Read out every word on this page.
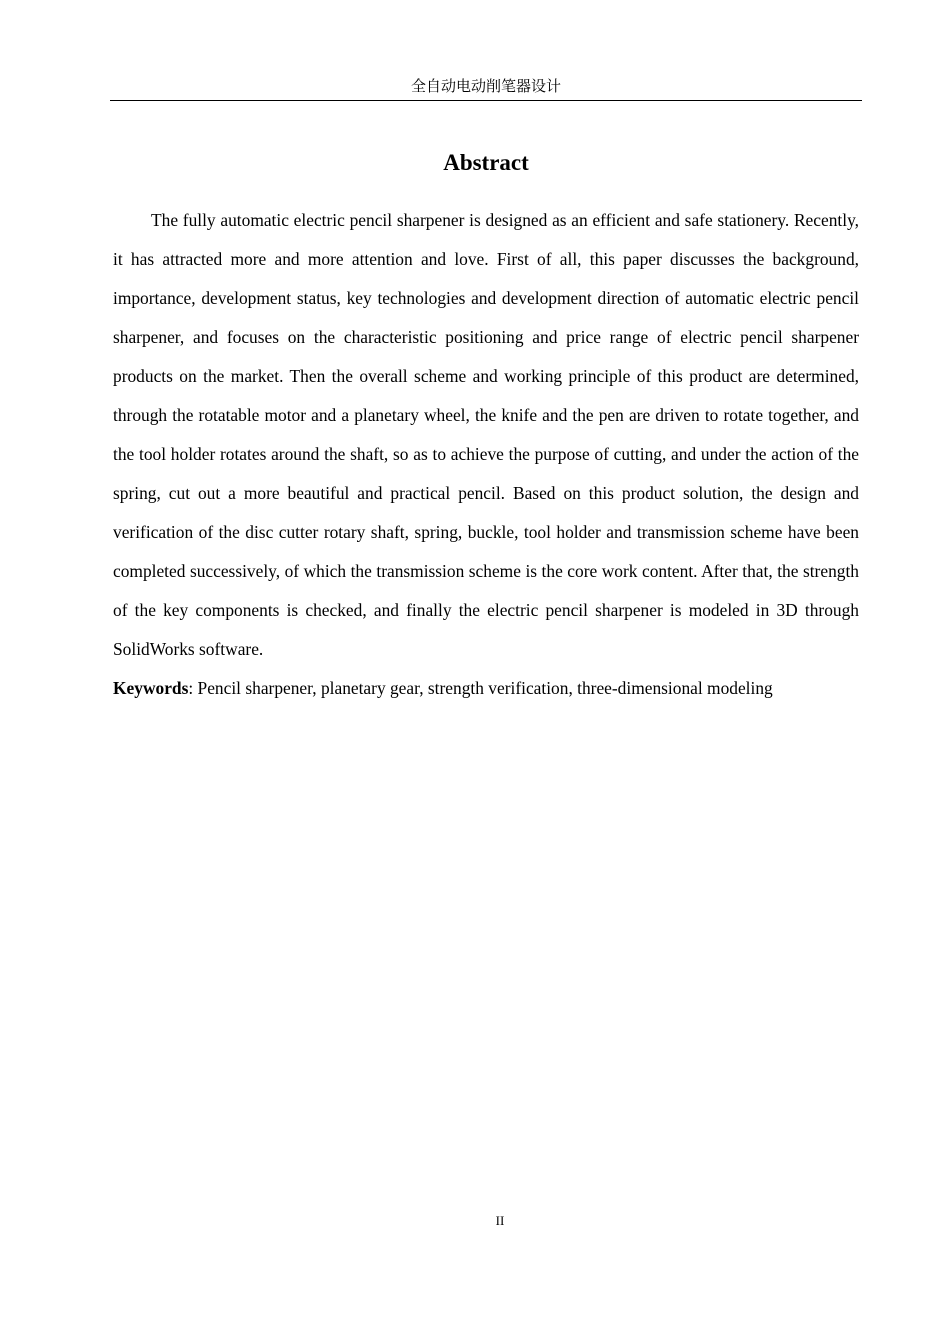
全自动电动削笔器设计
Abstract

The fully automatic electric pencil sharpener is designed as an efficient and safe stationery. Recently, it has attracted more and more attention and love. First of all, this paper discusses the background, importance, development status, key technologies and development direction of automatic electric pencil sharpener, and focuses on the characteristic positioning and price range of electric pencil sharpener products on the market. Then the overall scheme and working principle of this product are determined, through the rotatable motor and a planetary wheel, the knife and the pen are driven to rotate together, and the tool holder rotates around the shaft, so as to achieve the purpose of cutting, and under the action of the spring, cut out a more beautiful and practical pencil. Based on this product solution, the design and verification of the disc cutter rotary shaft, spring, buckle, tool holder and transmission scheme have been completed successively, of which the transmission scheme is the core work content. After that, the strength of the key components is checked, and finally the electric pencil sharpener is modeled in 3D through SolidWorks software.

Keywords: Pencil sharpener, planetary gear, strength verification, three-dimensional modeling

II
